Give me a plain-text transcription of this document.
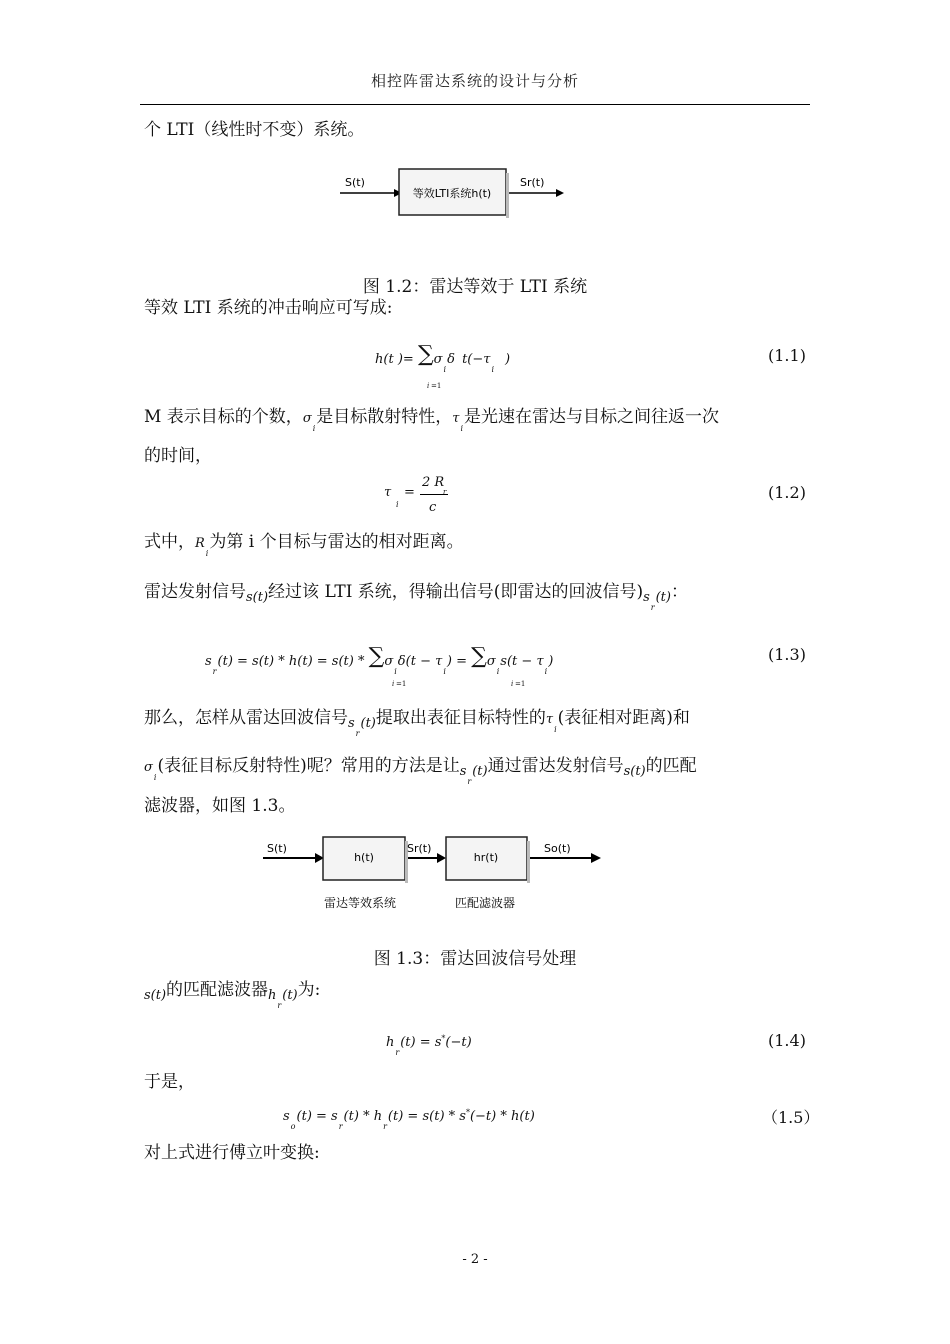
相控阵雷达系统的设计与分析
个 LTI（线性时不变）系统。
S(t)
等效LTI系统h(t)
Sr(t)
图 1.2：雷达等效于 LTI 系统
等效 LTI 系统的冲击响应可写成:
h(t )= $\sum\sigma_i\delta$ $t(-\tau_i)$
i =1
(1.1)
M 表示目标的个数，$\sigma_i$是目标散射特性，$\tau_i$是光速在雷达与目标之间往返一次
的时间，
τ
i
=
2 R
r
c
(1.2)
式中，$R_i$为第 i 个目标与雷达的相对距离。
雷达发射信号$_{s(t)}$经过该 LTI 系统，得输出信号(即雷达的回波信号)$_{s_r(t)}$：
$s_r(t) = s(t) * h(t) = s(t) * \sum\sigma_i\delta(t - \tau_i) = \sum\sigma_is(t - \tau_i)$
i =1	i =1
(1.3)
那么，怎样从雷达回波信号$_{s_r(t)}$提取出表征目标特性的$\tau_i$(表征相对距离)和
$\sigma_i$(表征目标反射特性)呢？常用的方法是让$_{s_r(t)}$通过雷达发射信号$_{s(t)}$的匹配
滤波器，如图 1.3。
S(t)
h(t)
Sr(t)
hr(t)
So(t)
雷达等效系统	匹配滤波器
图 1.3：雷达回波信号处理
$_{s(t)}$的匹配滤波器$_{h_r(t)}$为:
$h_r(t) = s^*(-t)$	(1.4)
于是，
$s_o(t) = s_r(t) * h_r(t) = s(t) * s^*(-t) * h(t)$	（1.5）
对上式进行傅立叶变换:
- 2 -
